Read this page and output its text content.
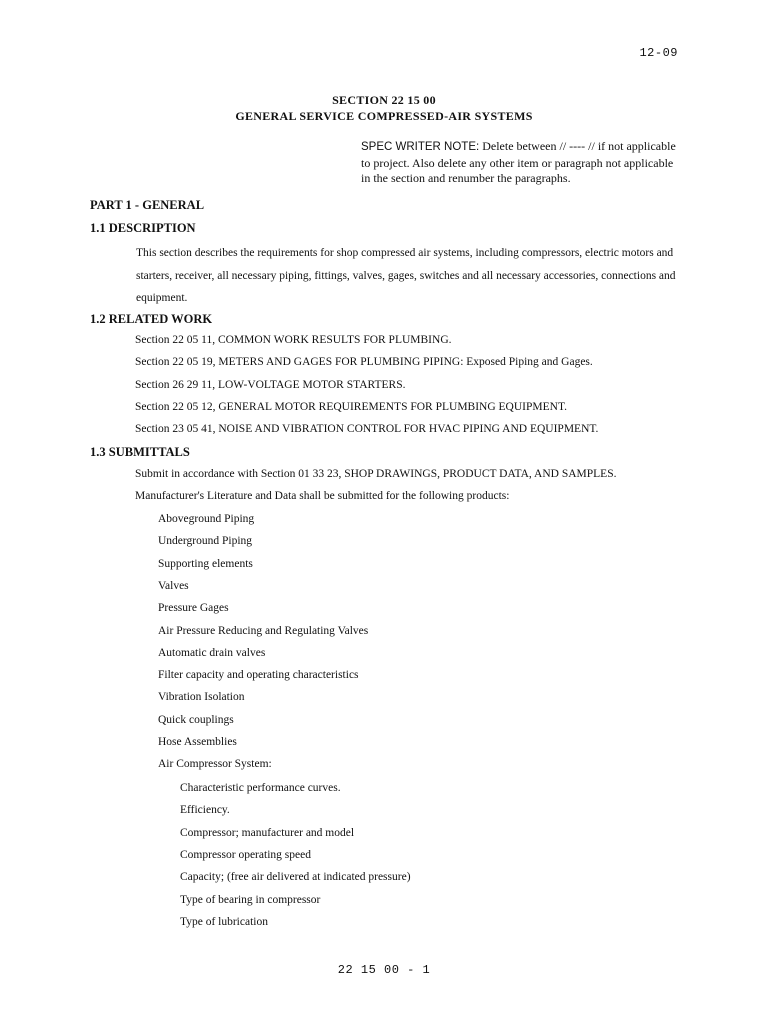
12-09
SECTION 22 15 00
GENERAL SERVICE COMPRESSED-AIR SYSTEMS
SPEC WRITER NOTE: Delete between // ---- // if not applicable to project. Also delete any other item or paragraph not applicable in the section and renumber the paragraphs.
PART 1 - GENERAL
1.1 DESCRIPTION
This section describes the requirements for shop compressed air systems, including compressors, electric motors and starters, receiver, all necessary piping, fittings, valves, gages, switches and all necessary accessories, connections and equipment.
1.2 RELATED WORK
Section 22 05 11, COMMON WORK RESULTS FOR PLUMBING.
Section 22 05 19, METERS AND GAGES FOR PLUMBING PIPING: Exposed Piping and Gages.
Section 26 29 11, LOW-VOLTAGE MOTOR STARTERS.
Section 22 05 12, GENERAL MOTOR REQUIREMENTS FOR PLUMBING EQUIPMENT.
Section 23 05 41, NOISE AND VIBRATION CONTROL FOR HVAC PIPING AND EQUIPMENT.
1.3 SUBMITTALS
Submit in accordance with Section 01 33 23, SHOP DRAWINGS, PRODUCT DATA, AND SAMPLES.
Manufacturer's Literature and Data shall be submitted for the following products:
Aboveground Piping
Underground Piping
Supporting elements
Valves
Pressure Gages
Air Pressure Reducing and Regulating Valves
Automatic drain valves
Filter capacity and operating characteristics
Vibration Isolation
Quick couplings
Hose Assemblies
Air Compressor System:
Characteristic performance curves.
Efficiency.
Compressor; manufacturer and model
Compressor operating speed
Capacity; (free air delivered at indicated pressure)
Type of bearing in compressor
Type of lubrication
22 15 00 - 1
